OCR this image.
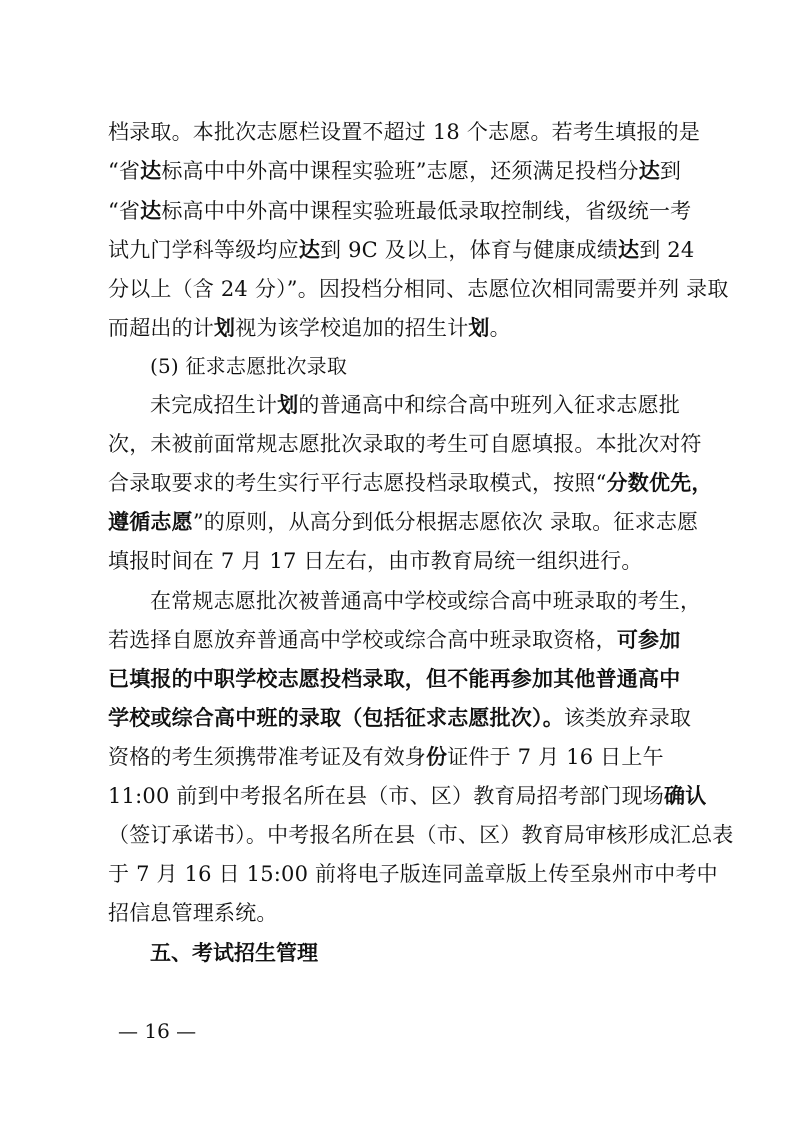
档录取。本批次志愿栏设置不超过 18 个志愿。若考生填报的是
“省达标高中中外高中课程实验班”志愿，还须满足投档分达到
“省达标高中中外高中课程实验班最低录取控制线，省级统一考
试九门学科等级均应达到 9C 及以上，体育与健康成绩达到 24
分以上（含 24 分）”。因投档分相同、志愿位次相同需要并列 录取
而超出的计划视为该学校追加的招生计划。
(5) 征求志愿批次录取
未完成招生计划的普通高中和综合高中班列入征求志愿批
次，未被前面常规志愿批次录取的考生可自愿填报。本批次对符
合录取要求的考生实行平行志愿投档录取模式，按照“分数优先，
遵循志愿”的原则，从高分到低分根据志愿依次 录取。征求志愿
填报时间在 7 月 17 日左右，由市教育局统一组织进行。
在常规志愿批次被普通高中学校或综合高中班录取的考生，
若选择自愿放弃普通高中学校或综合高中班录取资格，可参加
已填报的中职学校志愿投档录取，但不能再参加其他普通高中
学校或综合高中班的录取（包括征求志愿批次）。该类放弃录取
资格的考生须携带准考证及有效身份证件于 7 月 16 日上午
11:00 前到中考报名所在县（市、区）教育局招考部门现场确认
（签订承诺书）。中考报名所在县（市、区）教育局审核形成汇总表
于 7 月 16 日 15:00 前将电子版连同盖章版上传至泉州市中考中
招信息管理系统。
五、考试招生管理
— 16 —
